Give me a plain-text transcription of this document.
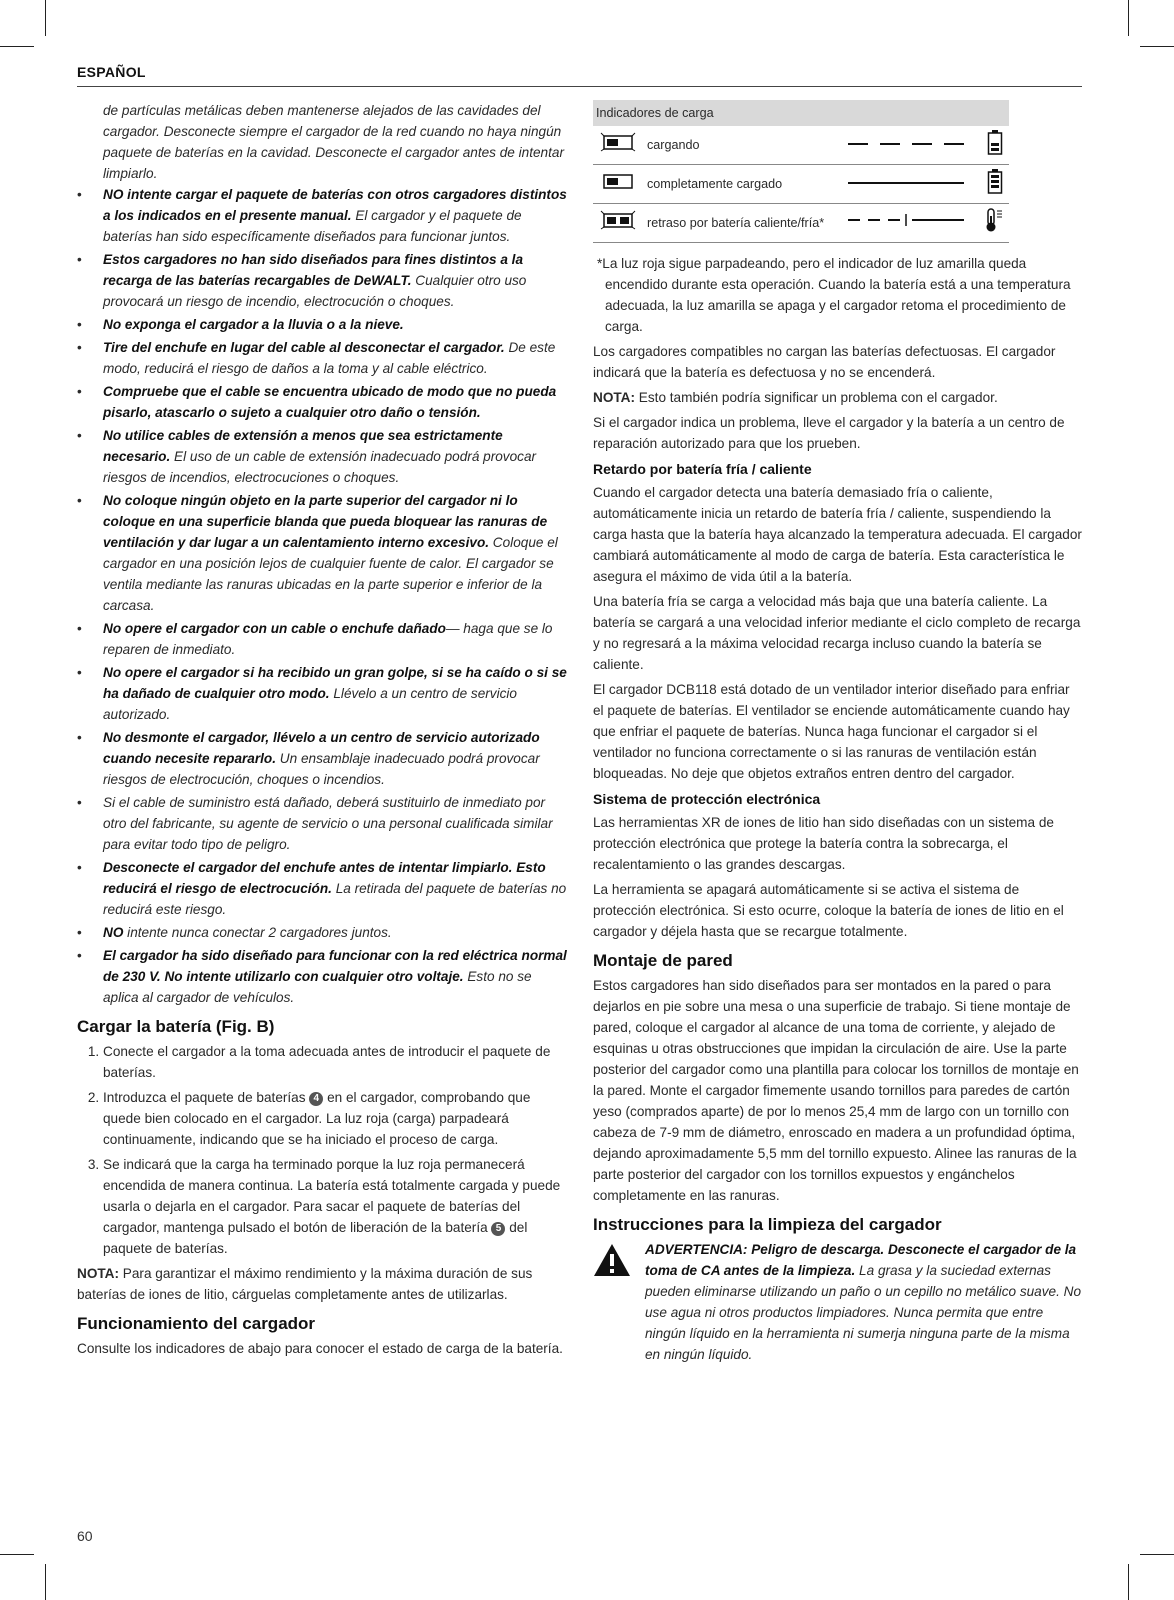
ESPAÑOL
de partículas metálicas deben mantenerse alejados de las cavidades del cargador. Desconecte siempre el cargador de la red cuando no haya ningún paquete de baterías en la cavidad. Desconecte el cargador antes de intentar limpiarlo.
• NO intente cargar el paquete de baterías con otros cargadores distintos a los indicados en el presente manual. El cargador y el paquete de baterías han sido específicamente diseñados para funcionar juntos.
• Estos cargadores no han sido diseñados para fines distintos a la recarga de las baterías recargables de DeWALT. Cualquier otro uso provocará un riesgo de incendio, electrocución o choques.
• No exponga el cargador a la lluvia o a la nieve.
• Tire del enchufe en lugar del cable al desconectar el cargador. De este modo, reducirá el riesgo de daños a la toma y al cable eléctrico.
• Compruebe que el cable se encuentra ubicado de modo que no pueda pisarlo, atascarlo o sujeto a cualquier otro daño o tensión.
• No utilice cables de extensión a menos que sea estrictamente necesario. El uso de un cable de extensión inadecuado podrá provocar riesgos de incendios, electrocuciones o choques.
• No coloque ningún objeto en la parte superior del cargador ni lo coloque en una superficie blanda que pueda bloquear las ranuras de ventilación y dar lugar a un calentamiento interno excesivo. Coloque el cargador en una posición lejos de cualquier fuente de calor. El cargador se ventila mediante las ranuras ubicadas en la parte superior e inferior de la carcasa.
• No opere el cargador con un cable o enchufe dañado— haga que se lo reparen de inmediato.
• No opere el cargador si ha recibido un gran golpe, si se ha caído o si se ha dañado de cualquier otro modo. Llévelo a un centro de servicio autorizado.
• No desmonte el cargador, llévelo a un centro de servicio autorizado cuando necesite repararlo. Un ensamblaje inadecuado podrá provocar riesgos de electrocución, choques o incendios.
• Si el cable de suministro está dañado, deberá sustituirlo de inmediato por otro del fabricante, su agente de servicio o una personal cualificada similar para evitar todo tipo de peligro.
• Desconecte el cargador del enchufe antes de intentar limpiarlo. Esto reducirá el riesgo de electrocución. La retirada del paquete de baterías no reducirá este riesgo.
• NO intente nunca conectar 2 cargadores juntos.
• El cargador ha sido diseñado para funcionar con la red eléctrica normal de 230 V. No intente utilizarlo con cualquier otro voltaje. Esto no se aplica al cargador de vehículos.
Cargar la batería (Fig. B)
1. Conecte el cargador a la toma adecuada antes de introducir el paquete de baterías.
2. Introduzca el paquete de baterías 4 en el cargador, comprobando que quede bien colocado en el cargador. La luz roja (carga) parpadeará continuamente, indicando que se ha iniciado el proceso de carga.
3. Se indicará que la carga ha terminado porque la luz roja permanecerá encendida de manera continua. La batería está totalmente cargada y puede usarla o dejarla en el cargador. Para sacar el paquete de baterías del cargador, mantenga pulsado el botón de liberación de la batería 5 del paquete de baterías.

NOTA: Para garantizar el máximo rendimiento y la máxima duración de sus baterías de iones de litio, cárguelas completamente antes de utilizarlas.

Funcionamiento del cargador

Consulte los indicadores de abajo para conocer el estado de carga de la batería.

Indicadores de carga			
	cargando		
	completamente cargado		
	retraso por batería caliente/fría*		

*La luz roja sigue parpadeando, pero el indicador de luz amarilla queda encendido durante esta operación. Cuando la batería está a una temperatura adecuada, la luz amarilla se apaga y el cargador retoma el procedimiento de carga.

Los cargadores compatibles no cargan las baterías defectuosas. El cargador indicará que la batería es defectuosa y no se encenderá.

NOTA: Esto también podría significar un problema con el cargador.

Si el cargador indica un problema, lleve el cargador y la batería a un centro de reparación autorizado para que los prueben.

Retardo por batería fría / caliente

Cuando el cargador detecta una batería demasiado fría o caliente, automáticamente inicia un retardo de batería fría / caliente, suspendiendo la carga hasta que la batería haya alcanzado la temperatura adecuada. El cargador cambiará automáticamente al modo de carga de batería. Esta característica le asegura el máximo de vida útil a la batería.

Una batería fría se carga a velocidad más baja que una batería caliente. La batería se cargará a una velocidad inferior mediante el ciclo completo de recarga y no regresará a la máxima velocidad recarga incluso cuando la batería se caliente.

El cargador DCB118 está dotado de un ventilador interior diseñado para enfriar el paquete de baterías. El ventilador se enciende automáticamente cuando hay que enfriar el paquete de baterías. Nunca haga funcionar el cargador si el ventilador no funciona correctamente o si las ranuras de ventilación están bloqueadas. No deje que objetos extraños entren dentro del cargador.

Sistema de protección electrónica

Las herramientas XR de iones de litio han sido diseñadas con un sistema de protección electrónica que protege la batería contra la sobrecarga, el recalentamiento o las grandes descargas.

La herramienta se apagará automáticamente si se activa el sistema de protección electrónica. Si esto ocurre, coloque la batería de iones de litio en el cargador y déjela hasta que se recargue totalmente.

Montaje de pared

Estos cargadores han sido diseñados para ser montados en la pared o para dejarlos en pie sobre una mesa o una superficie de trabajo. Si tiene montaje de pared, coloque el cargador al alcance de una toma de corriente, y alejado de esquinas u otras obstrucciones que impidan la circulación de aire. Use la parte posterior del cargador como una plantilla para colocar los tornillos de montaje en la pared. Monte el cargador fimemente usando tornillos para paredes de cartón yeso (comprados aparte) de por lo menos 25,4 mm de largo con un tornillo con cabeza de 7-9 mm de diámetro, enroscado en madera a un profundidad óptima, dejando aproximadamente 5,5 mm del tornillo expuesto. Alinee las ranuras de la parte posterior del cargador con los tornillos expuestos y engánchelos completamente en las ranuras.

Instrucciones para la limpieza del cargador
ADVERTENCIA: Peligro de descarga. Desconecte el cargador de la toma de CA antes de la limpieza. La grasa y la suciedad externas pueden eliminarse utilizando un paño o un cepillo no metálico suave. No use agua ni otros productos limpiadores. Nunca permita que entre ningún líquido en la herramienta ni sumerja ninguna parte de la misma en ningún líquido.
60
